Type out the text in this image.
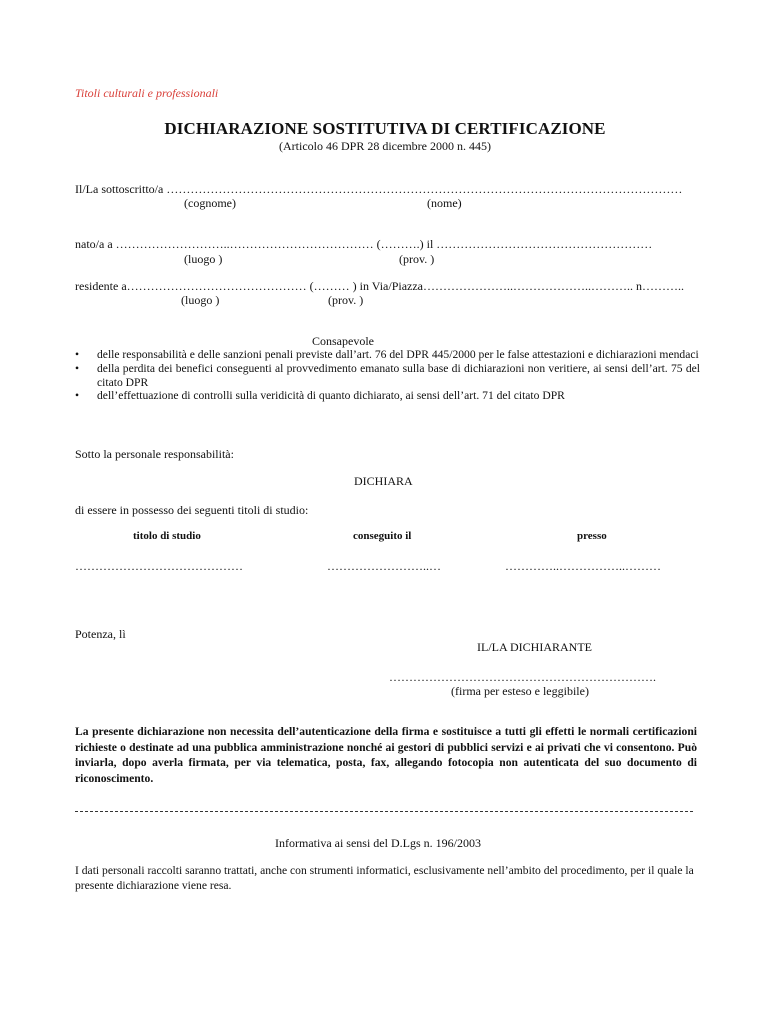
Titoli culturali e professionali
DICHIARAZIONE SOSTITUTIVA DI CERTIFICAZIONE
(Articolo 46 DPR 28 dicembre 2000 n. 445)
Il/La sottoscritto/a …………………………………………………………………………………………………………………
(cognome)	(nome)
nato/a a ………………………..……………………………… (……….) il ………………………………………………
(luogo )	(prov. )
residente a……………………………………… (……… ) in Via/Piazza…………………..………………..……….. n………..
(luogo )	(prov. )
Consapevole
• delle responsabilità e delle sanzioni penali previste dall’art. 76 del DPR 445/2000 per le false attestazioni e dichiarazioni mendaci
• della perdita dei benefici conseguenti al provvedimento emanato sulla base di dichiarazioni non veritiere, ai sensi dell’art. 75 del citato DPR
• dell’effettuazione di controlli sulla veridicità di quanto dichiarato, ai sensi dell’art. 71 del citato DPR
Sotto la personale responsabilità:
DICHIARA
di essere in possesso dei seguenti titoli di studio:
titolo di studio	conseguito il	presso
……………………………………	……………………..…	…………..……………..………
Potenza, lì
IL/LA DICHIARANTE
………………………………………………………….
(firma per esteso e leggibile)
La presente dichiarazione non necessita dell’autenticazione della firma e sostituisce a tutti gli effetti le normali certificazioni richieste o destinate ad una pubblica amministrazione nonché ai gestori di pubblici servizi e ai privati che vi consentono. Può inviarla, dopo averla firmata, per via telematica, posta, fax, allegando fotocopia non autenticata del suo documento di riconoscimento.
Informativa ai sensi del D.Lgs n. 196/2003
I dati personali raccolti saranno trattati, anche con strumenti informatici, esclusivamente nell’ambito del procedimento, per il quale la presente dichiarazione viene resa.
